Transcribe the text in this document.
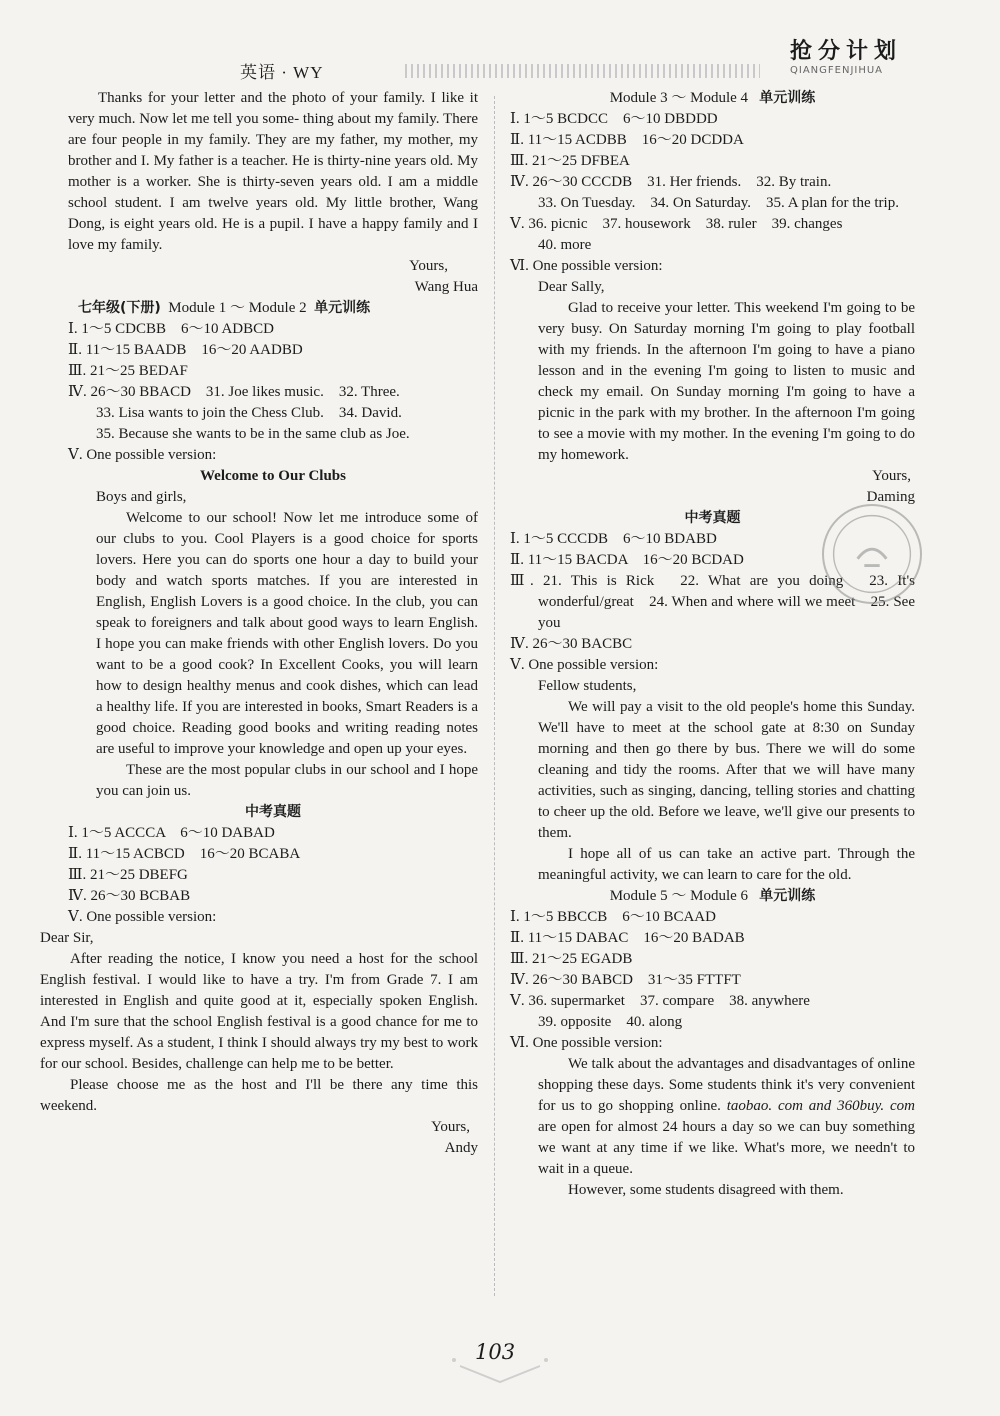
英语 · WY
抢分计划
QIANGFENJIHUA
Thanks for your letter and the photo of your family. I like it very much. Now let me tell you some- thing about my family. There are four people in my family. They are my father, my mother, my brother and I. My father is a teacher. He is thirty-nine years old. My mother is a worker. She is thirty-seven years old. I am a middle school student. I am twelve years old. My little brother, Wang Dong, is eight years old. He is a pupil. I have a happy family and I love my family.
Yours,
Wang Hua
七年级(下册) Module 1 ～ Module 2 单元训练
Ⅰ. 1～5 CDCBB　6～10 ADBCD
Ⅱ. 11～15 BAADB　16～20 AADBD
Ⅲ. 21～25 BEDAF
Ⅳ. 26～30 BBACD　31. Joe likes music.　32. Three.
33. Lisa wants to join the Chess Club.　34. David.
35. Because she wants to be in the same club as Joe.
Ⅴ. One possible version:
Welcome to Our Clubs
Boys and girls,
Welcome to our school! Now let me introduce some of our clubs to you. Cool Players is a good choice for sports lovers. Here you can do sports one hour a day to build your body and watch sports matches. If you are interested in English, English Lovers is a good choice. In the club, you can speak to foreigners and talk about good ways to learn English. I hope you can make friends with other English lovers. Do you want to be a good cook? In Excellent Cooks, you will learn how to design healthy menus and cook dishes, which can lead a healthy life. If you are interested in books, Smart Readers is a good choice. Reading good books and writing reading notes are useful to improve your knowledge and open up your eyes.
These are the most popular clubs in our school and I hope you can join us.
中考真题
Ⅰ. 1～5 ACCCA　6～10 DABAD
Ⅱ. 11～15 ACBCD　16～20 BCABA
Ⅲ. 21～25 DBEFG
Ⅳ. 26～30 BCBAB
Ⅴ. One possible version:
Dear Sir,
After reading the notice, I know you need a host for the school English festival. I would like to have a try. I'm from Grade 7. I am interested in English and quite good at it, especially spoken English. And I'm sure that the school English festival is a good chance for me to express myself. As a student, I think I should always try my best to work for our school. Besides, challenge can help me to be better.
Please choose me as the host and I'll be there any time this weekend.
Yours,
Andy
Module 3 ～ Module 4 单元训练
Ⅰ. 1～5 BCDCC　6～10 DBDDD
Ⅱ. 11～15 ACDBB　16～20 DCDDA
Ⅲ. 21～25 DFBEA
Ⅳ. 26～30 CCCDB　31. Her friends.　32. By train.
33. On Tuesday.　34. On Saturday.　35. A plan for the trip.
Ⅴ. 36. picnic　37. housework　38. ruler　39. changes
40. more
Ⅵ. One possible version:
Dear Sally,
Glad to receive your letter. This weekend I'm going to be very busy. On Saturday morning I'm going to play football with my friends. In the afternoon I'm going to have a piano lesson and in the evening I'm going to listen to music and check my email. On Sunday morning I'm going to have a picnic in the park with my brother. In the afternoon I'm going to see a movie with my mother. In the evening I'm going to do my homework.
Yours,
Daming
中考真题
Ⅰ. 1～5 CCCDB　6～10 BDABD
Ⅱ. 11～15 BACDA　16～20 BCDAD
Ⅲ. 21. This is Rick　22. What are you doing　23. It's wonderful/great　24. When and where will we meet　25. See you
Ⅳ. 26～30 BACBC
Ⅴ. One possible version:
Fellow students,
We will pay a visit to the old people's home this Sunday. We'll have to meet at the school gate at 8:30 on Sunday morning and then go there by bus. There we will do some cleaning and tidy the rooms. After that we will have many activities, such as singing, dancing, telling stories and chatting to cheer up the old. Before we leave, we'll give our presents to them.
I hope all of us can take an active part. Through the meaningful activity, we can learn to care for the old.
Module 5 ～ Module 6 单元训练
Ⅰ. 1～5 BBCCB　6～10 BCAAD
Ⅱ. 11～15 DABAC　16～20 BADAB
Ⅲ. 21～25 EGADB
Ⅳ. 26～30 BABCD　31～35 FTTFT
Ⅴ. 36. supermarket　37. compare　38. anywhere
39. opposite　40. along
Ⅵ. One possible version:
We talk about the advantages and disadvantages of online shopping these days. Some students think it's very convenient for us to go shopping online. taobao. com and 360buy. com are open for almost 24 hours a day so we can buy something we want at any time if we like. What's more, we needn't to wait in a queue.
However, some students disagreed with them.
103
